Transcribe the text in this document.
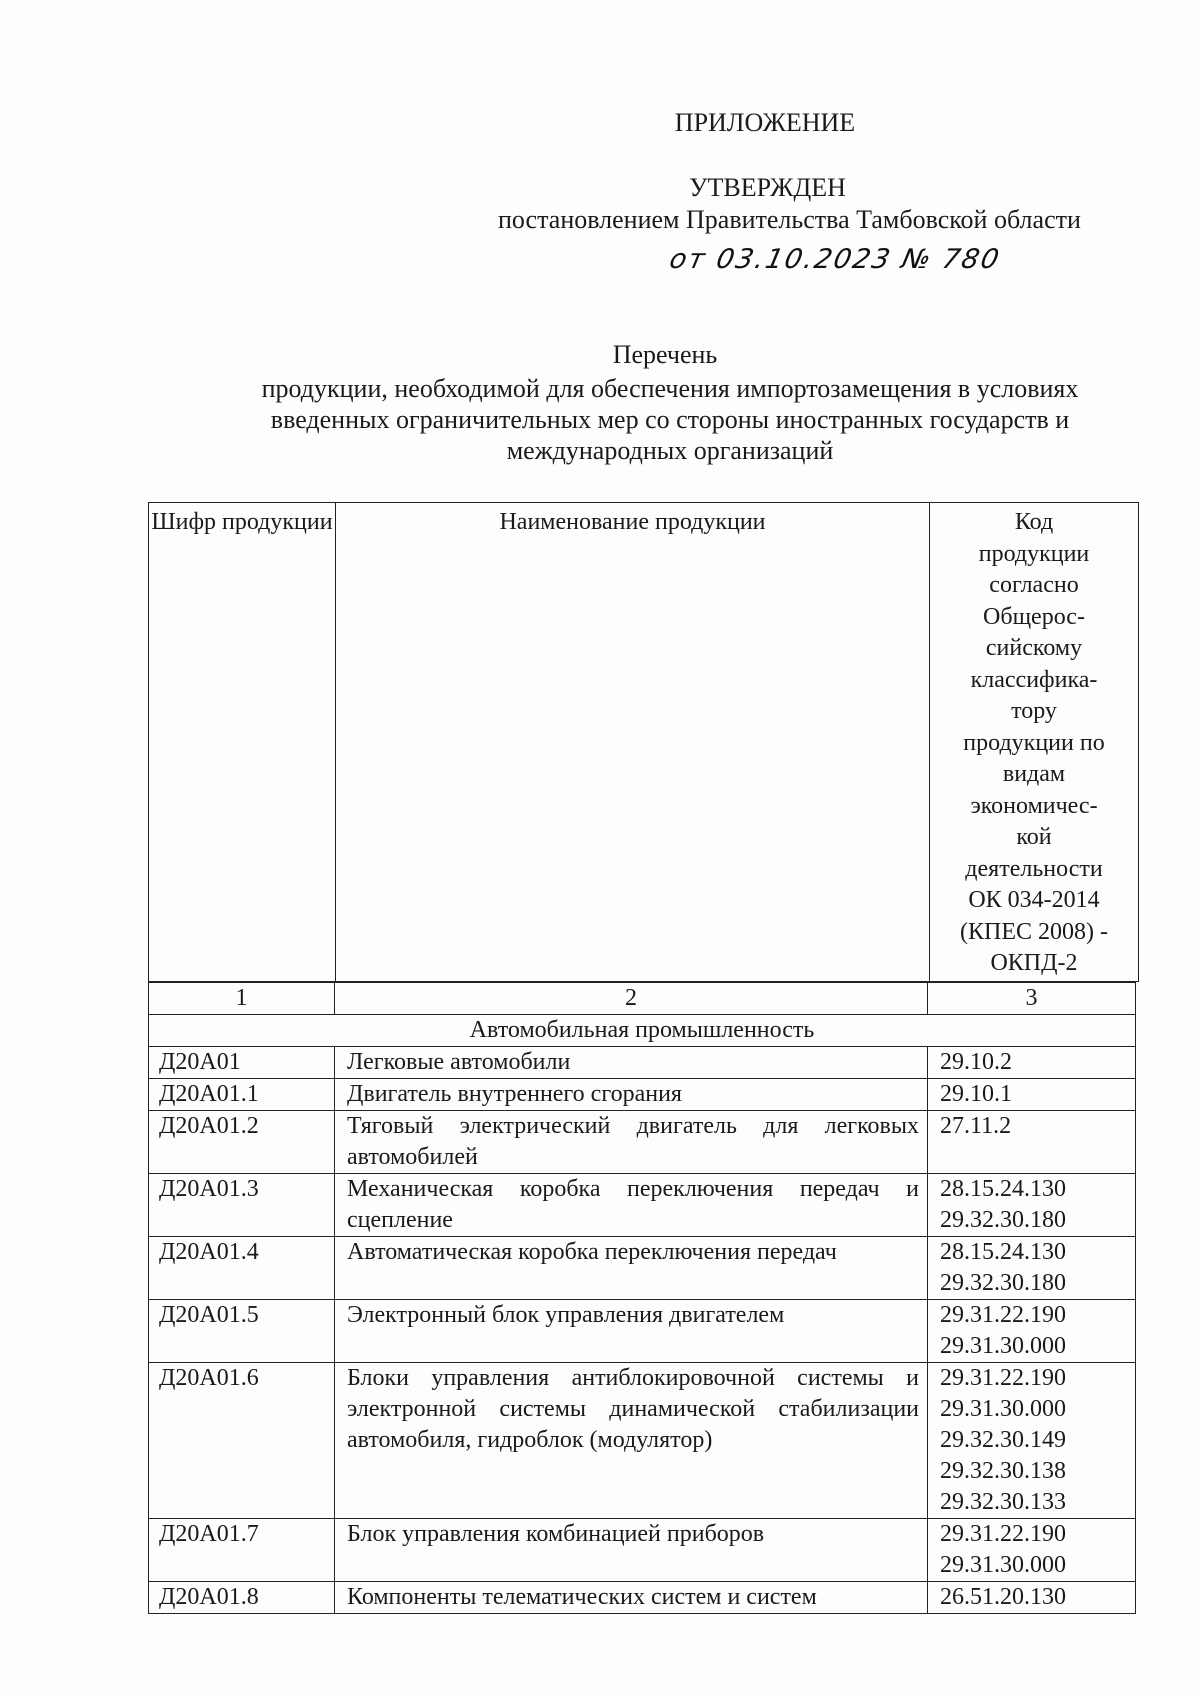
ПРИЛОЖЕНИЕ
УТВЕРЖДЕН
постановлением Правительства Тамбовской области
от 03.10.2023 № 780
Перечень
продукции, необходимой для обеспечения импортозамещения в условиях
введенных ограничительных мер со стороны иностранных государств и
международных организаций
Шифр продукции	Наименование продукции	Код
продукции
согласно
Общерос-
сийскому
классифика-
тору
продукции по
видам
экономичес-
кой
деятельности
ОК 034-2014
(КПЕС 2008) -
ОКПД-2
1	2	3
Автомобильная промышленность		
Д20А01	Легковые автомобили	29.10.2

Д20А01.1	Двигатель внутреннего сгорания	29.10.1

Д20А01.2	Тяговый электрический двигатель для легковых автомобилей	27.11.2

Д20А01.3	Механическая коробка переключения передач и сцепление	28.15.24.130
29.32.30.180

Д20А01.4	Автоматическая коробка переключения передач	28.15.24.130
29.32.30.180

Д20А01.5	Электронный блок управления двигателем	29.31.22.190
29.31.30.000

Д20А01.6	Блоки управления антиблокировочной системы и электронной системы динамической стабилизации автомобиля, гидроблок (модулятор)	29.31.22.190
29.31.30.000
29.32.30.149
29.32.30.138
29.32.30.133

Д20А01.7	Блок управления комбинацией приборов	29.31.22.190
29.31.30.000

Д20А01.8	Компоненты телематических систем и систем	26.51.20.130
